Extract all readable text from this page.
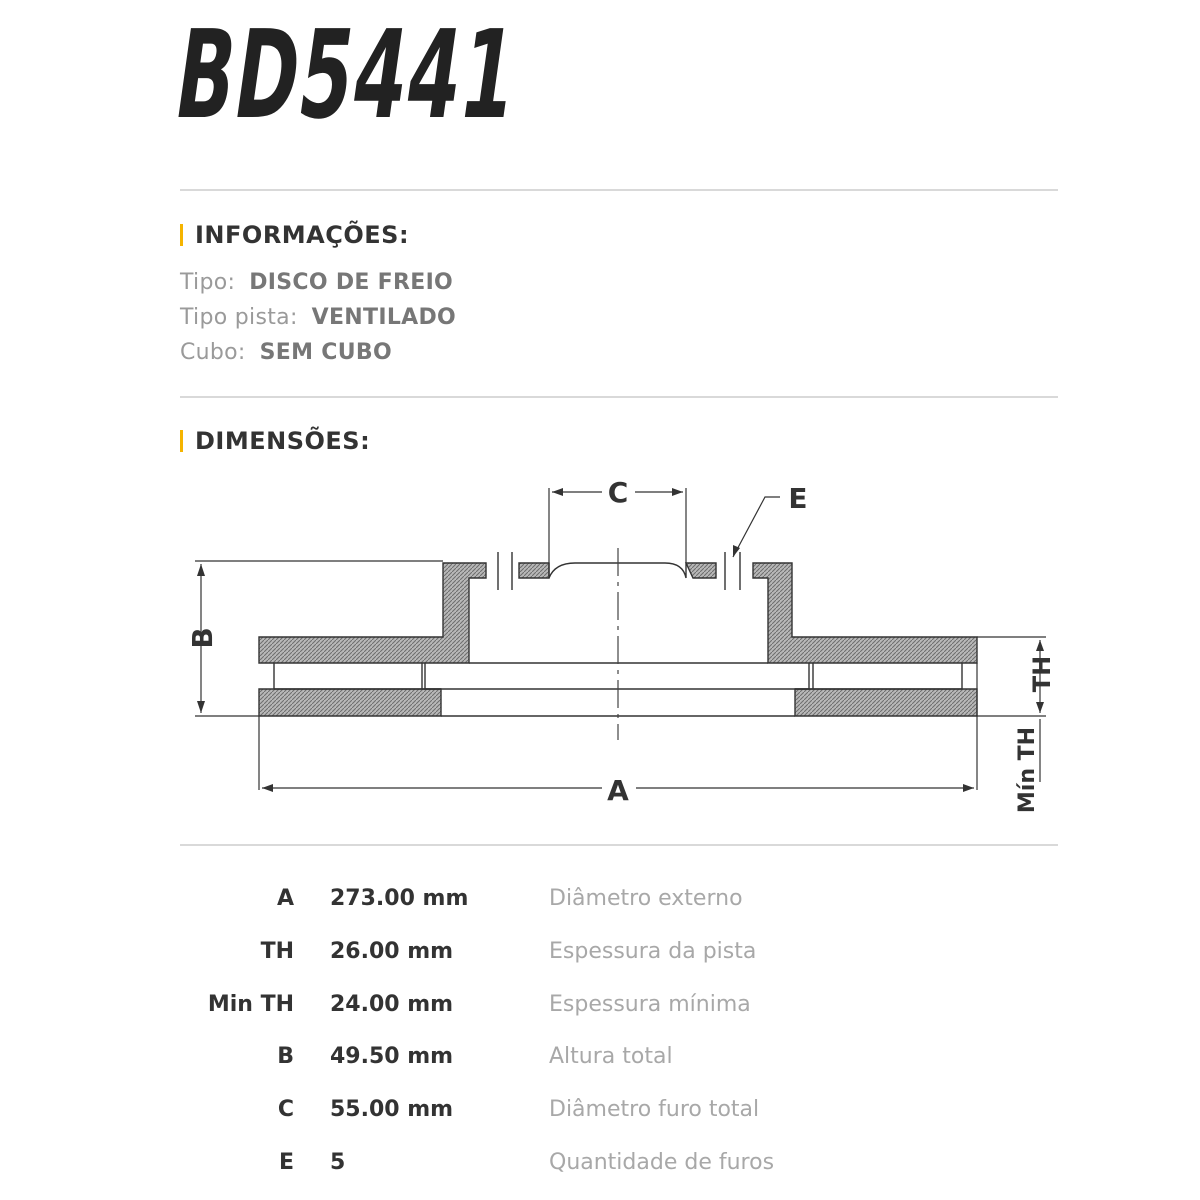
BD5441
INFORMAÇÕES:
Tipo: DISCO DE FREIO
Tipo pista: VENTILADO
Cubo: SEM CUBO
DIMENSÕES:
C	E
A
B
TH
Mín TH
A 273.00 mm	Diâmetro externo
TH 26.00 mm	Espessura da pista
Min TH 24.00 mm	Espessura mínima
B 49.50 mm	Altura total
C 55.00 mm	Diâmetro furo total
E 5	Quantidade de furos
